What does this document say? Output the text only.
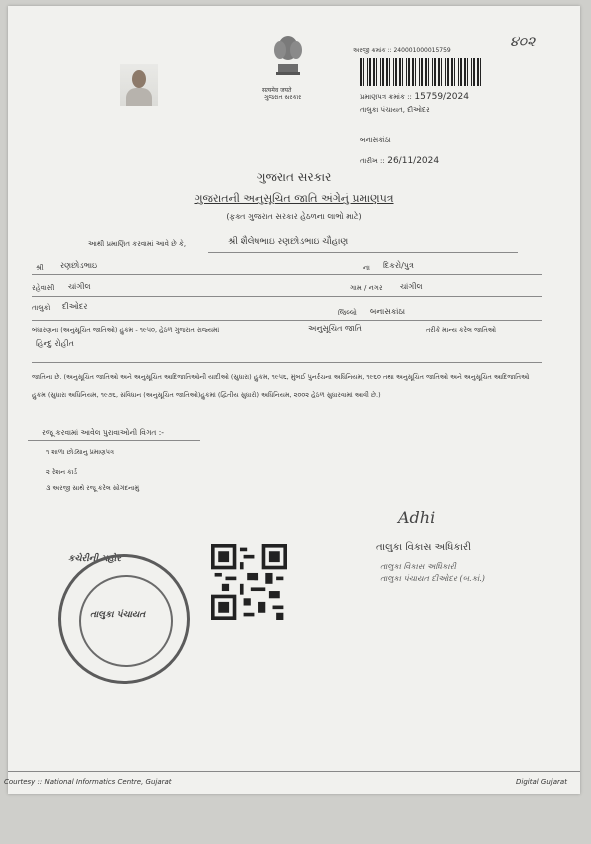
सत्यमेव जयते
ગુજરાત સરકાર
અરજી ક્રમાંક :: 240001000015759
૪૦૨
પ્રમાણપત્ર ક્રમાંક :: 15759/2024
તાલુકા પંચાયત, દીઓદર
બનાસકાંઠા
તારીખ :: 26/11/2024
ગુજરાત સરકાર
ગુજરાતની અનુસૂચિત જાતિ અંગેનું પ્રમાણપત્ર
(ફક્ત ગુજરાત સરકાર હેઠળના લાભો માટે)
આથી પ્રમાણિત કરવામાં આવે છે કે,	શ્રી શૈલેષભાઇ રણછોડભાઇ ચૌહાણ
શ્રી રણછોડભાઇ	ના દિકરો/પુત્ર
રહેવાસી ચાંગીલ	ગામ / નગર ચાંગીલ
તાલુકો દીઓદર
જિલ્લો બનાસકાંઠા
બંધારણના (અનુસૂચિત જાતિઓ) હુકમ - ૧૯૫૦, હેઠળ ગુજરાત રાજ્યમાં	અનુસૂચિત જાતિ	તરીકે માન્ય કરેલ જાતિઓ
હિન્દુ રોહીત
જાતિના છે. (અનુસૂચિત જાતિઓ અને અનુસૂચિત આદિજાતિઓની યાદીઓ (સુધારા) હુકમ, ૧૯૫૬, મુંબઈ પુનર્રચના અધિનિયમ, ૧૯૬૦ તથા અનુસૂચિત જાતિઓ અને અનુસૂચિત આદિજાતિઓ હુકમ (સુધારા અધિનિયમ, ૧૯૭૬, સંવિધાન (અનુસૂચિત જાતિઓ)હુકમાં (દ્વિતીય સુધારો) અધિનિયમ, ૨૦૦૨ હેઠળ સુધારવામાં આવી છે.)
રજૂ કરવામાં આવેલ પુરાવાઓની વિગત :-
૧ શાળા છોડ્યાનુ પ્રમાણપત્ર
૨ રેશન કાર્ડ
૩ અરજી સાથે રજૂ કરેલ સોગંદનામું
Adhi
તાલુકા વિકાસ અધિકારી
તાલુકા વિકાસ અધિકારી
તાલુકા પંચાયત દીઓદર (બ.કાં.)
કચેરીની મહોર
તાલુકા પંચાયત
Courtesy :: National Informatics Centre, Gujarat	Digital Gujarat
